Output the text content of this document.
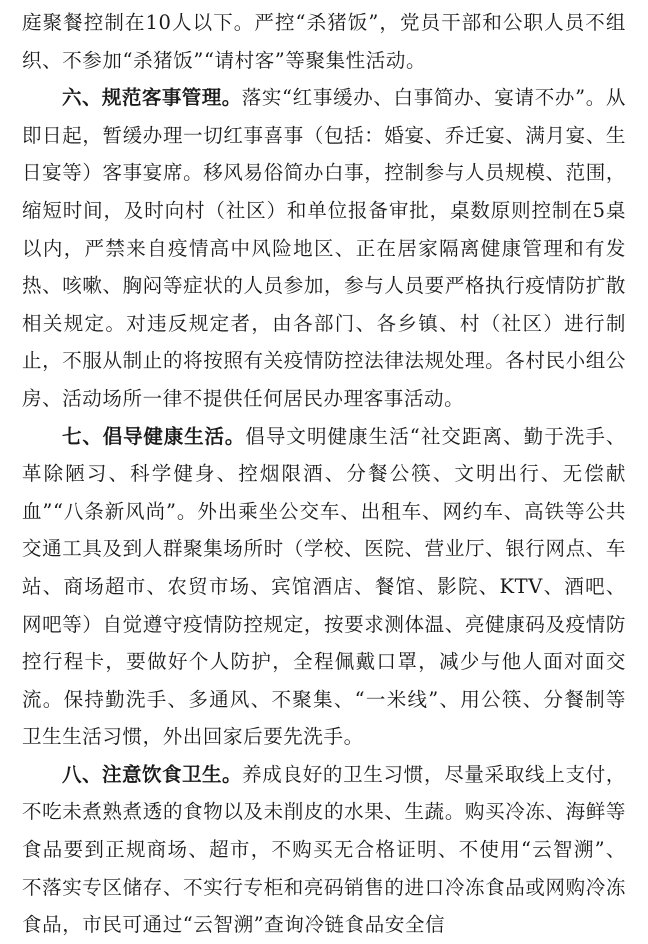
庭聚餐控制在10人以下。严控“杀猪饭”，党员干部和公职人员不组织、不参加“杀猪饭”“请村客”等聚集性活动。

六、规范客事管理。落实“红事缓办、白事简办、宴请不办”。从即日起，暂缓办理一切红事喜事（包括：婚宴、乔迁宴、满月宴、生日宴等）客事宴席。移风易俗简办白事，控制参与人员规模、范围，缩短时间，及时向村（社区）和单位报备审批，桌数原则控制在5桌以内，严禁来自疫情高中风险地区、正在居家隔离健康管理和有发热、咳嗽、胸闷等症状的人员参加，参与人员要严格执行疫情防扩散相关规定。对违反规定者，由各部门、各乡镇、村（社区）进行制止，不服从制止的将按照有关疫情防控法律法规处理。各村民小组公房、活动场所一律不提供任何居民办理客事活动。

七、倡导健康生活。倡导文明健康生活“社交距离、勤于洗手、革除陋习、科学健身、控烟限酒、分餐公筷、文明出行、无偿献血”“八条新风尚”。外出乘坐公交车、出租车、网约车、高铁等公共交通工具及到人群聚集场所时（学校、医院、营业厅、银行网点、车站、商场超市、农贸市场、宾馆酒店、餐馆、影院、KTV、酒吧、网吧等）自觉遵守疫情防控规定，按要求测体温、亮健康码及疫情防控行程卡，要做好个人防护，全程佩戴口罩，减少与他人面对面交流。保持勤洗手、多通风、不聚集、“一米线”、用公筷、分餐制等卫生生活习惯，外出回家后要先洗手。

八、注意饮食卫生。养成良好的卫生习惯，尽量采取线上支付，不吃未煮熟煮透的食物以及未削皮的水果、生蔬。购买冷冻、海鲜等食品要到正规商场、超市，不购买无合格证明、不使用“云智溯”、不落实专区储存、不实行专柜和亮码销售的进口冷冻食品或网购冷冻食品，市民可通过“云智溯”查询冷链食品安全信
